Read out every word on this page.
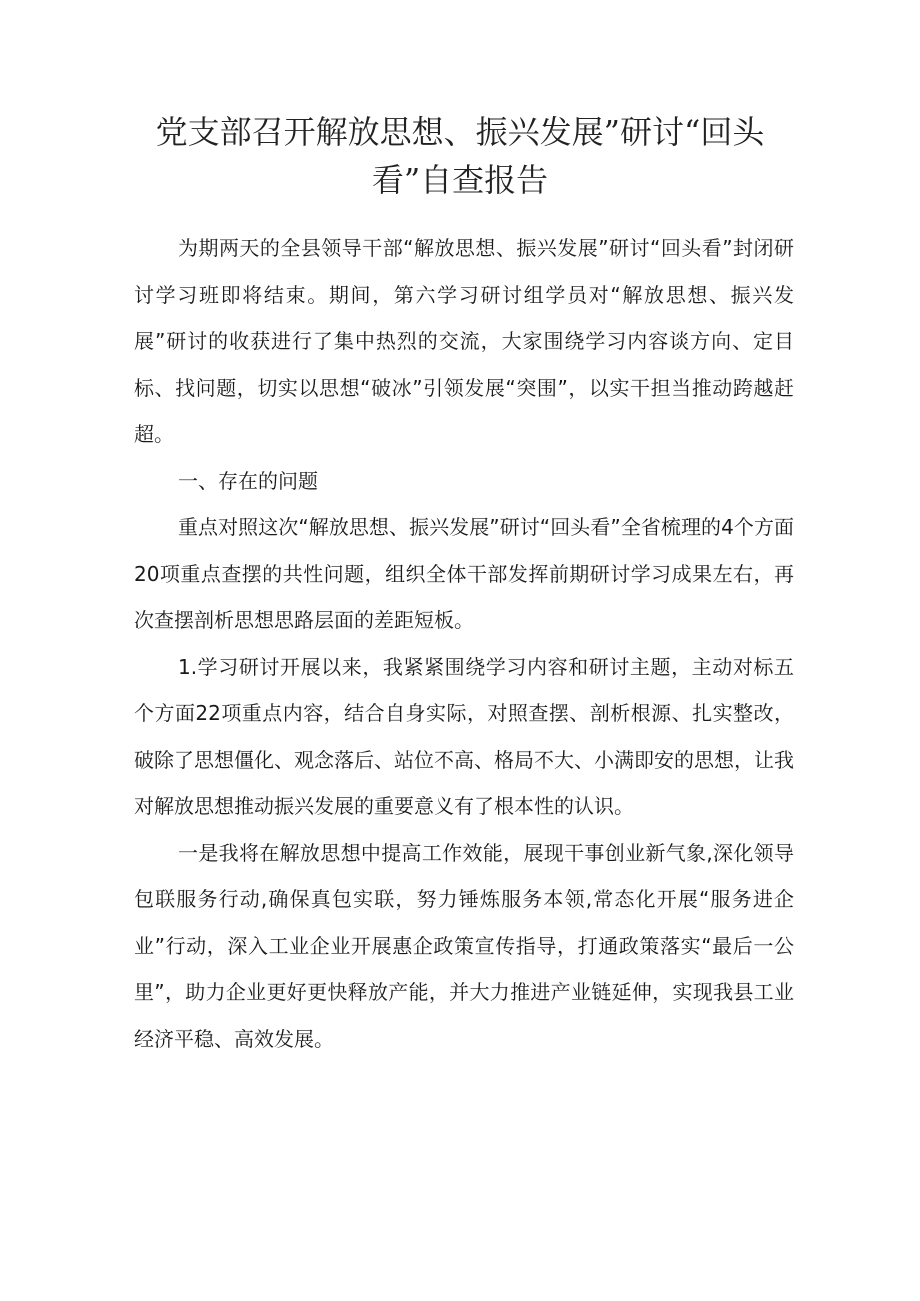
党支部召开解放思想、振兴发展”研讨“回头看”自查报告

为期两天的全县领导干部“解放思想、振兴发展”研讨“回头看”封闭研讨学习班即将结束。期间，第六学习研讨组学员对“解放思想、振兴发展”研讨的收获进行了集中热烈的交流，大家围绕学习内容谈方向、定目标、找问题，切实以思想“破冰”引领发展“突围”，以实干担当推动跨越赶超。

一、存在的问题

重点对照这次“解放思想、振兴发展”研讨“回头看”全省梳理的4个方面20项重点查摆的共性问题，组织全体干部发挥前期研讨学习成果左右，再次查摆剖析思想思路层面的差距短板。

1.学习研讨开展以来，我紧紧围绕学习内容和研讨主题，主动对标五个方面22项重点内容，结合自身实际，对照查摆、剖析根源、扎实整改，破除了思想僵化、观念落后、站位不高、格局不大、小满即安的思想，让我对解放思想推动振兴发展的重要意义有了根本性的认识。

一是我将在解放思想中提高工作效能，展现干事创业新气象,深化领导包联服务行动,确保真包实联，努力锤炼服务本领,常态化开展“服务进企业”行动，深入工业企业开展惠企政策宣传指导，打通政策落实“最后一公里”，助力企业更好更快释放产能，并大力推进产业链延伸，实现我县工业经济平稳、高效发展。
